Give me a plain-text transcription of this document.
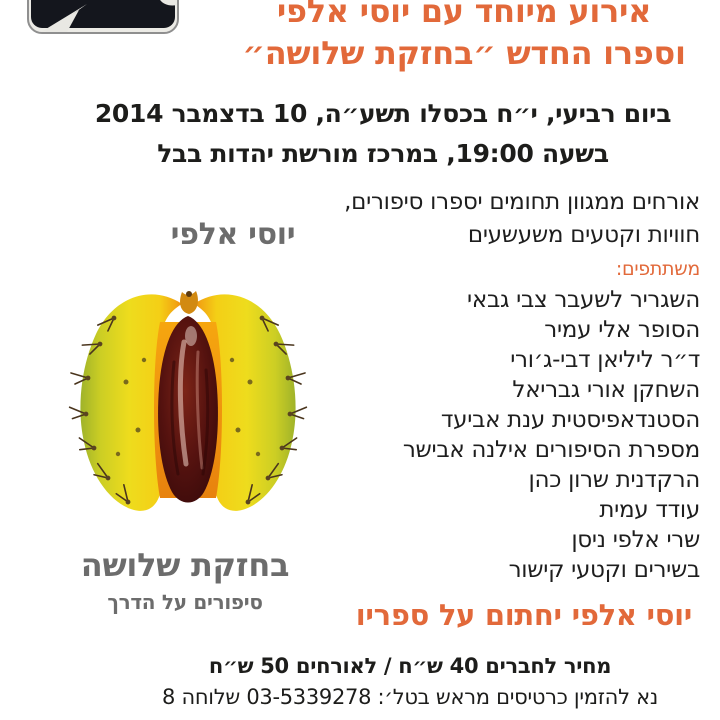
אירוע מיוחד עם יוסי אלפי
וספרו החדש ״בחזקת שלושה״
ביום רביעי, י״ח בכסלו תשע״ה, 10 בדצמבר 2014
בשעה 19:00, במרכז מורשת יהדות בבל
יוסי אלפי
בחזקת שלושה
סיפורים על הדרך
אורחים ממגוון תחומים יספרו סיפורים,
חוויות וקטעים משעשעים
משתתפים:
השגריר לשעבר צבי גבאי
הסופר אלי עמיר
ד״ר ליליאן דבי-ג׳ורי
השחקן אורי גבריאל
הסטנדאפיסטית ענת אביעד
מספרת הסיפורים אילנה אבישר
הרקדנית שרון כהן
עודד עמית
שרי אלפי ניסן
בשירים וקטעי קישור
יוסי אלפי יחתום על ספריו
מחיר לחברים 40 ש״ח / לאורחים 50 ש״ח
נא להזמין כרטיסים מראש בטל׳: 03-5339278 שלוחה 8
